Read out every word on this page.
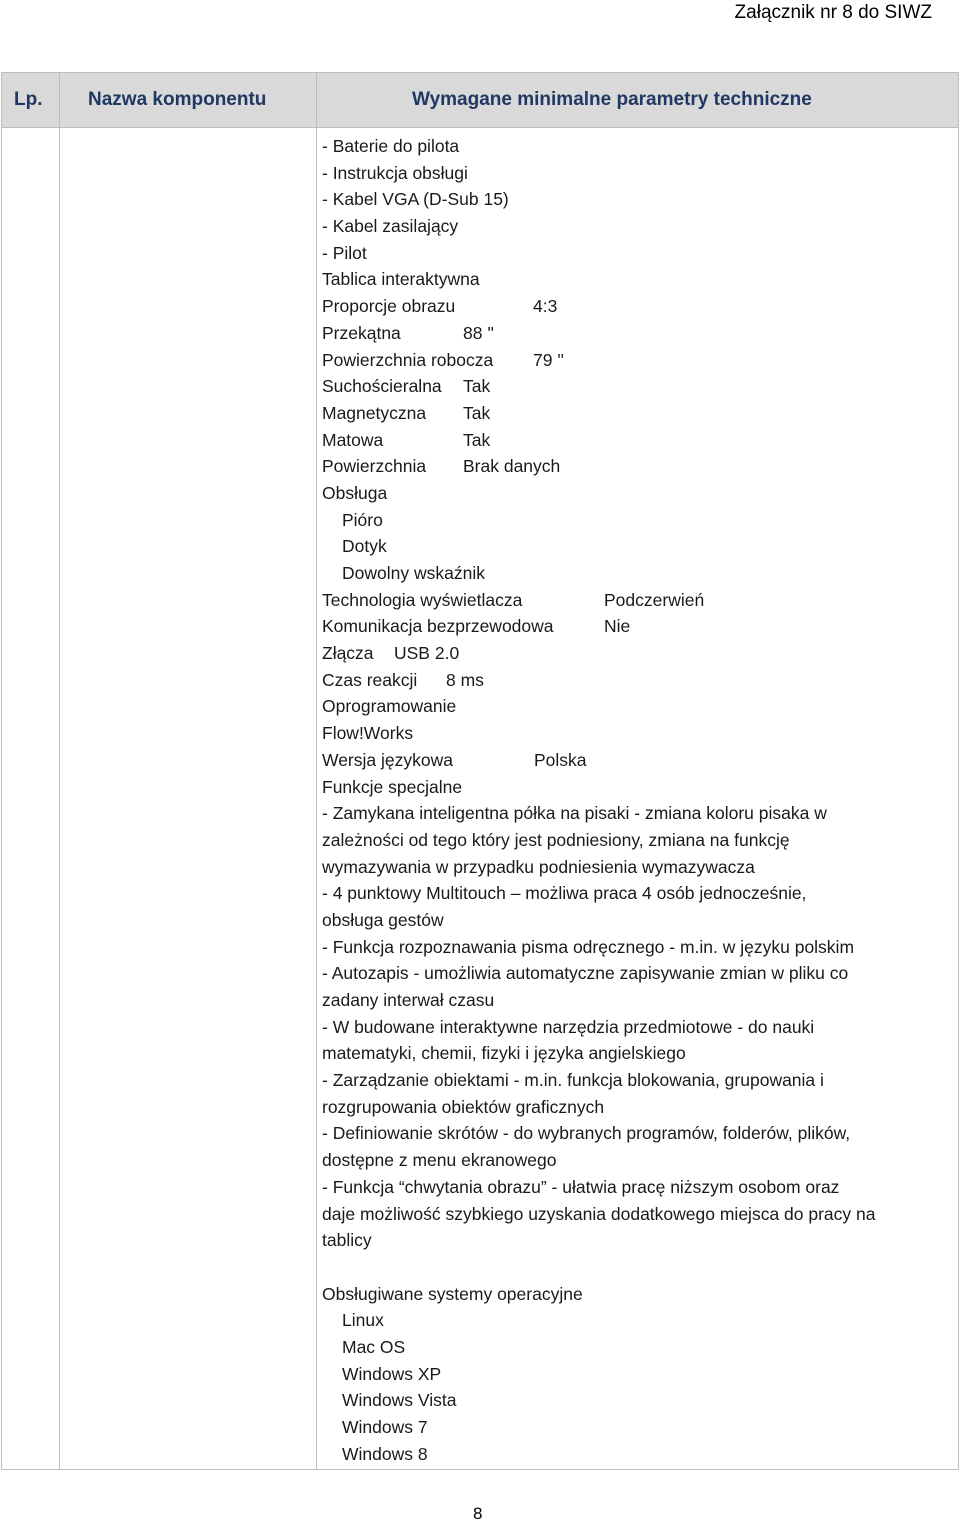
Załącznik nr 8 do SIWZ
Lp. Nazwa komponentu	Wymagane minimalne parametry techniczne
- Baterie do pilota
- Instrukcja obsługi
- Kabel VGA (D-Sub 15)
- Kabel zasilający
- Pilot
Tablica interaktywna
Proporcje obrazu	4:3
Przekątna	88 ''
Powierzchnia robocza 79 ''
Suchościeralna Tak
Magnetyczna Tak
Matowa	Tak
Powierzchnia Brak danych
Obsługa
Pióro
Dotyk
Dowolny wskaźnik
Technologia wyświetlacza	Podczerwień
Komunikacja bezprzewodowa	Nie
Złącza USB 2.0
Czas reakcji 8 ms
Oprogramowanie
Flow!Works
Wersja językowa	Polska
Funkcje specjalne
- Zamykana inteligentna półka na pisaki - zmiana koloru pisaka w
zależności od tego który jest podniesiony, zmiana na funkcję
wymazywania w przypadku podniesienia wymazywacza
- 4 punktowy Multitouch – możliwa praca 4 osób jednocześnie,
obsługa gestów
- Funkcja rozpoznawania pisma odręcznego - m.in. w języku polskim
- Autozapis - umożliwia automatyczne zapisywanie zmian w pliku co
zadany interwał czasu
- W budowane interaktywne narzędzia przedmiotowe - do nauki
matematyki, chemii, fizyki i języka angielskiego
- Zarządzanie obiektami - m.in. funkcja blokowania, grupowania i
rozgrupowania obiektów graficznych
- Definiowanie skrótów - do wybranych programów, folderów, plików,
dostępne z menu ekranowego
- Funkcja “chwytania obrazu” - ułatwia pracę niższym osobom oraz
daje możliwość szybkiego uzyskania dodatkowego miejsca do pracy na
tablicy
Obsługiwane systemy operacyjne
Linux
Mac OS
Windows XP
Windows Vista
Windows 7
Windows 8
8
